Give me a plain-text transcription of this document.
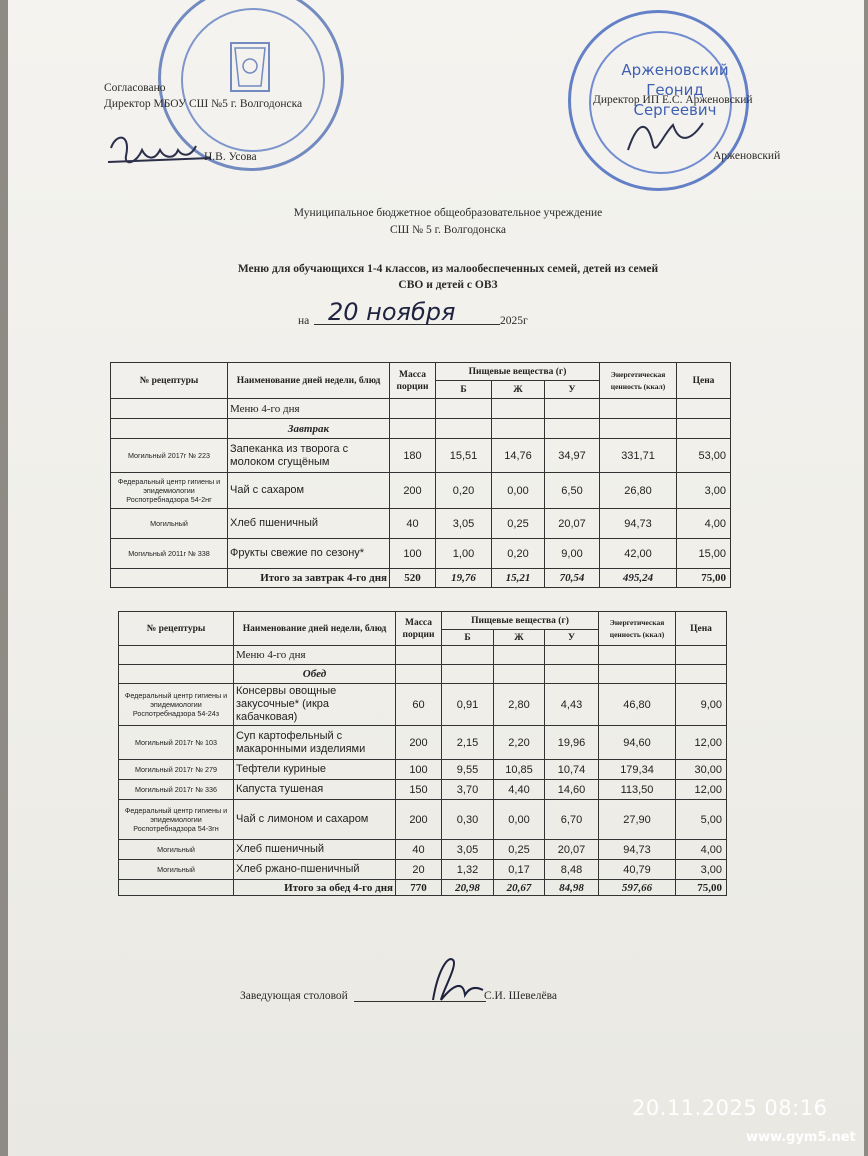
Арженовский
Геонид
Сергеевич
Согласовано
Директор МБОУ СШ №5 г. Волгодонска
Н.В. Усова
Директор ИП Е.С. Арженовский
Арженовский
Муниципальное бюджетное общеобразовательное учреждение
СШ № 5 г. Волгодонска
Меню для обучающихся 1-4 классов, из малообеспеченных семей, детей из семей
СВО и детей с ОВЗ
на 20 ноября	2025г
№ рецептуры	Наименование дней недели, блюд	Масса порции	Пищевые вещества (г)			Энергетическая ценность (ккал)	Цена
			Б	Ж	У		
	Меню 4-го дня						
	Завтрак						
Могильный 2017г № 223	Запеканка из творога с молоком сгущёным	180	15,51	14,76	34,97	331,71	53,00
Федеральный центр гигиены и эпидемиологии Роспотребнадзора 54-2нг	Чай с сахаром	200	0,20	0,00	6,50	26,80	3,00
Могильный	Хлеб пшеничный	40	3,05	0,25	20,07	94,73	4,00
Могильный 2011г № 338	Фрукты свежие по сезону*	100	1,00	0,20	9,00	42,00	15,00
	Итого за завтрак 4-го дня	520	19,76	15,21	70,54	495,24	75,00
№ рецептуры	Наименование дней недели, блюд	Масса порции	Пищевые вещества (г)			Энергетическая ценность (ккал)	Цена
			Б	Ж	У		
	Меню 4-го дня						
	Обед						
Федеральный центр гигиены и эпидемиологии Роспотребнадзора 54-24з	Консервы овощные закусочные* (икра кабачковая)	60	0,91	2,80	4,43	46,80	9,00
Могильный 2017г № 103	Суп картофельный с макаронными изделиями	200	2,15	2,20	19,96	94,60	12,00
Могильный 2017г № 279	Тефтели куриные	100	9,55	10,85	10,74	179,34	30,00
Могильный 2017г № 336	Капуста тушеная	150	3,70	4,40	14,60	113,50	12,00
Федеральный центр гигиены и эпидемиологии Роспотребнадзора 54-3гн	Чай с лимоном и сахаром	200	0,30	0,00	6,70	27,90	5,00
Могильный	Хлеб пшеничный	40	3,05	0,25	20,07	94,73	4,00
Могильный	Хлеб ржано-пшеничный	20	1,32	0,17	8,48	40,79	3,00
	Итого за обед 4-го дня	770	20,98	20,67	84,98	597,66	75,00
Заведующая столовой	С.И. Шевелёва
20.11.2025 08:16
www.gym5.net
